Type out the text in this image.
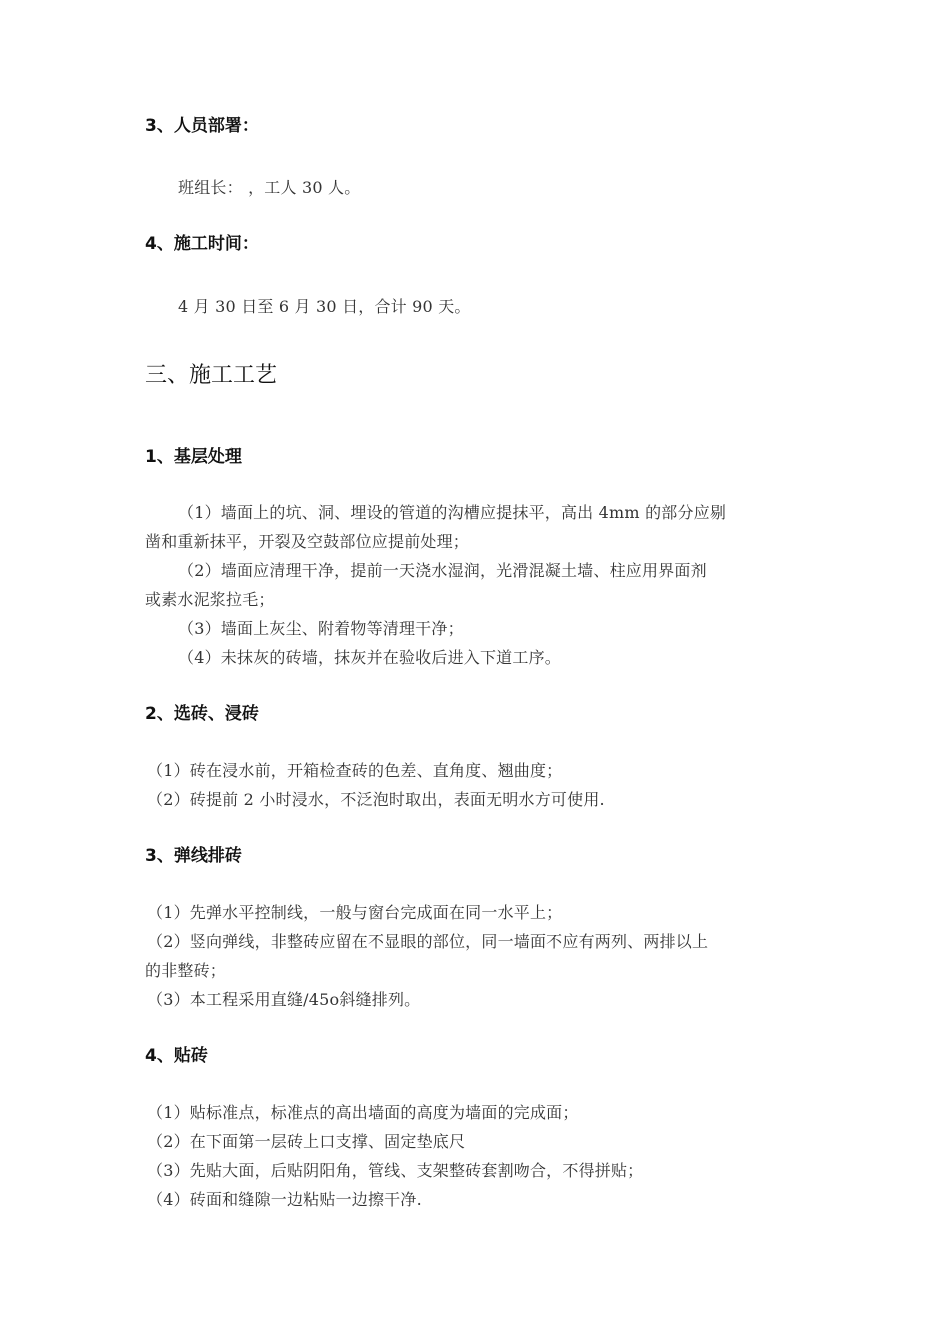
3、人员部署：
班组长： ，工人 30 人。
4、施工时间：
4 月 30 日至 6 月 30 日，合计 90 天。
三、施工工艺
1、基层处理
（1）墙面上的坑、洞、埋设的管道的沟槽应提抹平，高出 4mm 的部分应剔
凿和重新抹平，开裂及空鼓部位应提前处理；
（2）墙面应清理干净，提前一天浇水湿润，光滑混凝土墙、柱应用界面剂
或素水泥浆拉毛；
（3）墙面上灰尘、附着物等清理干净；
（4）未抹灰的砖墙，抹灰并在验收后进入下道工序。
2、选砖、浸砖
（1）砖在浸水前，开箱检查砖的色差、直角度、翘曲度；
（2）砖提前 2 小时浸水，不泛泡时取出，表面无明水方可使用.
3、弹线排砖
（1）先弹水平控制线，一般与窗台完成面在同一水平上；
（2）竖向弹线，非整砖应留在不显眼的部位，同一墙面不应有两列、两排以上
的非整砖；
（3）本工程采用直缝/45o斜缝排列。
4、贴砖
（1）贴标准点，标准点的高出墙面的高度为墙面的完成面；
（2）在下面第一层砖上口支撑、固定垫底尺
（3）先贴大面，后贴阴阳角，管线、支架整砖套割吻合，不得拼贴；
（4）砖面和缝隙一边粘贴一边擦干净.
